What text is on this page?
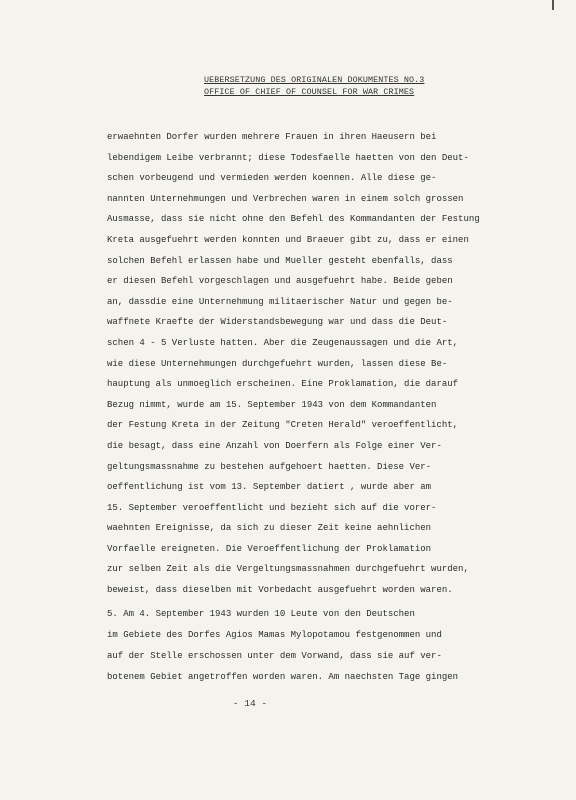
UEBERSETZUNG DES ORIGINALEN DOKUMENTES NO.3
OFFICE OF CHIEF OF COUNSEL FOR WAR CRIMES
erwaehnten Dorfer wurden mehrere Frauen in ihren Haeusern bei
lebendigem Leibe verbrannt; diese Todesfaelle haetten von den Deut-
schen vorbeugend und vermieden werden koennen. Alle diese ge-
nannten Unternehmungen und Verbrechen waren in einem solch grossen
Ausmasse, dass sie nicht ohne den Befehl des Kommandanten der Festung
Kreta ausgefuehrt werden konnten und Braeuer gibt zu, dass er einen
solchen Befehl erlassen habe und Mueller gesteht ebenfalls, dass
er diesen Befehl vorgeschlagen und ausgefuehrt habe. Beide geben
an, dassdie eine Unternehmung militaerischer Natur und gegen be-
waffnete Kraefte der Widerstandsbewegung war und dass die Deut-
schen 4 - 5 Verluste hatten. Aber die Zeugenaussagen und die Art,
wie diese Unternehmungen durchgefuehrt wurden, lassen diese Be-
hauptung als unmoeglich erscheinen. Eine Proklamation, die darauf
Bezug nimmt, wurde am 15. September 1943 von dem Kommandanten
der Festung Kreta in der Zeitung "Creten Herald" veroeffentlicht,
die besagt, dass eine Anzahl von Doerfern als Folge einer Ver-
geltungsmassnahme zu bestehen aufgehoert haetten. Diese Ver-
oeffentlichung ist vom 13. September datiert , wurde aber am
15. September veroeffentlicht und bezieht sich auf die vorer-
waehnten Ereignisse, da sich zu dieser Zeit keine aehnlichen
Vorfaelle ereigneten. Die Veroeffentlichung der Proklamation
zur selben Zeit als die Vergeltungsmassnahmen durchgefuehrt wurden,
beweist, dass dieselben mit Vorbedacht ausgefuehrt worden waren.
5. Am 4. September 1943 wurden 10 Leute von den Deutschen
im Gebiete des Dorfes Agios Mamas Mylopotamou festgenommen und
auf der Stelle erschossen unter dem Vorwand, dass sie auf ver-
botenem Gebiet angetroffen worden waren. Am naechsten Tage gingen
- 14 -
